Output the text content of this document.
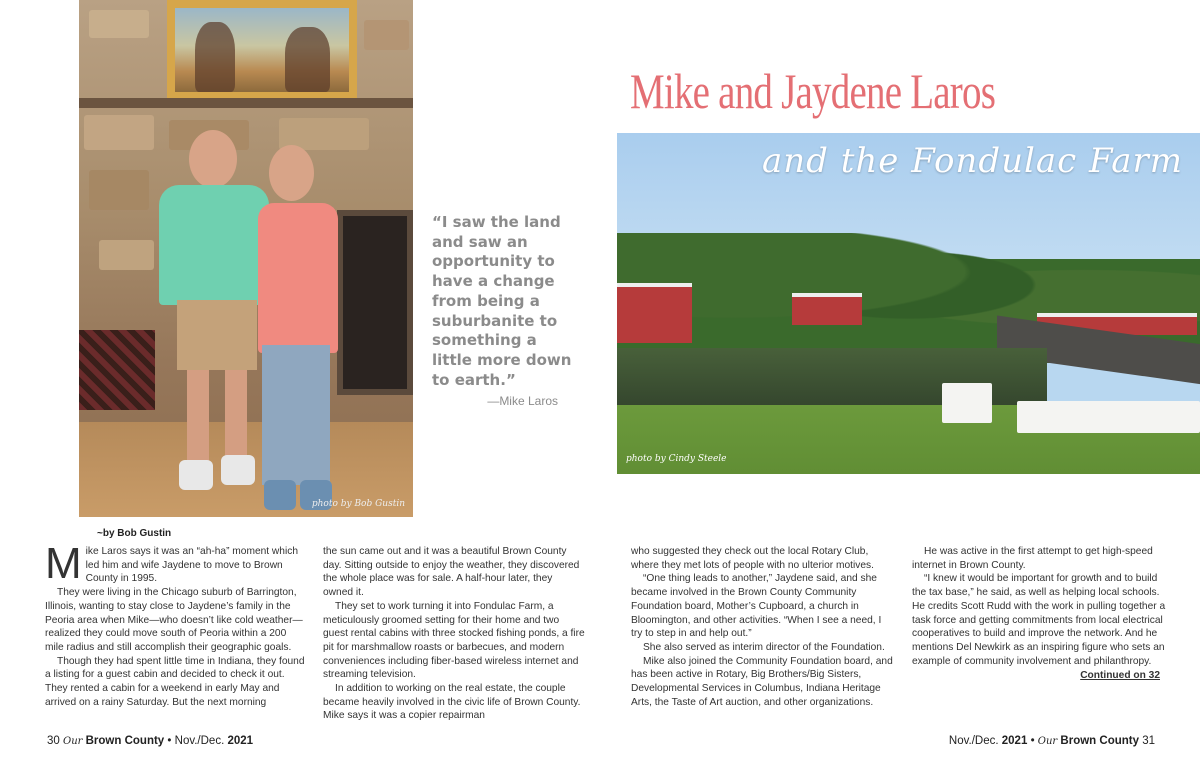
photo by Bob Gustin
“I saw the land and saw an opportunity to have a change from being a suburbanite to something a little more down to earth.”
—Mike Laros
Mike and Jaydene Laros
and the Fondulac Farm
photo by Cindy Steele
~by Bob Gustin
M ike Laros says it was an “ah-ha” moment which led him and wife Jaydene to move to Brown County in 1995.

They were living in the Chicago suburb of Barrington, Illinois, wanting to stay close to Jaydene’s family in the Peoria area when Mike—who doesn’t like cold weather—realized they could move south of Peoria within a 200 mile radius and still accomplish their geographic goals.

Though they had spent little time in Indiana, they found a listing for a guest cabin and decided to check it out. They rented a cabin for a weekend in early May and arrived on a rainy Saturday. But the next morning

the sun came out and it was a beautiful Brown County day. Sitting outside to enjoy the weather, they discovered the whole place was for sale. A half-hour later, they owned it.

They set to work turning it into Fondulac Farm, a meticulously groomed setting for their home and two guest rental cabins with three stocked fishing ponds, a fire pit for marshmallow roasts or barbecues, and modern conveniences including fiber-based wireless internet and streaming television.

In addition to working on the real estate, the couple became heavily involved in the civic life of Brown County. Mike says it was a copier repairman

who suggested they check out the local Rotary Club, where they met lots of people with no ulterior motives.

“One thing leads to another,” Jaydene said, and she became involved in the Brown County Community Foundation board, Mother’s Cupboard, a church in Bloomington, and other activities. “When I see a need, I try to step in and help out.”

She also served as interim director of the Foundation.

Mike also joined the Community Foundation board, and has been active in Rotary, Big Brothers/Big Sisters, Developmental Services in Columbus, Indiana Heritage Arts, the Taste of Art auction, and other organizations.

He was active in the first attempt to get high-speed internet in Brown County.

“I knew it would be important for growth and to build the tax base,” he said, as well as helping local schools. He credits Scott Rudd with the work in pulling together a task force and getting commitments from local electrical cooperatives to build and improve the network. And he mentions Del Newkirk as an inspiring figure who sets an example of community involvement and philanthropy.

Continued on 32
30 Our Brown County • Nov./Dec. 2021	Nov./Dec. 2021 • Our Brown County 31
